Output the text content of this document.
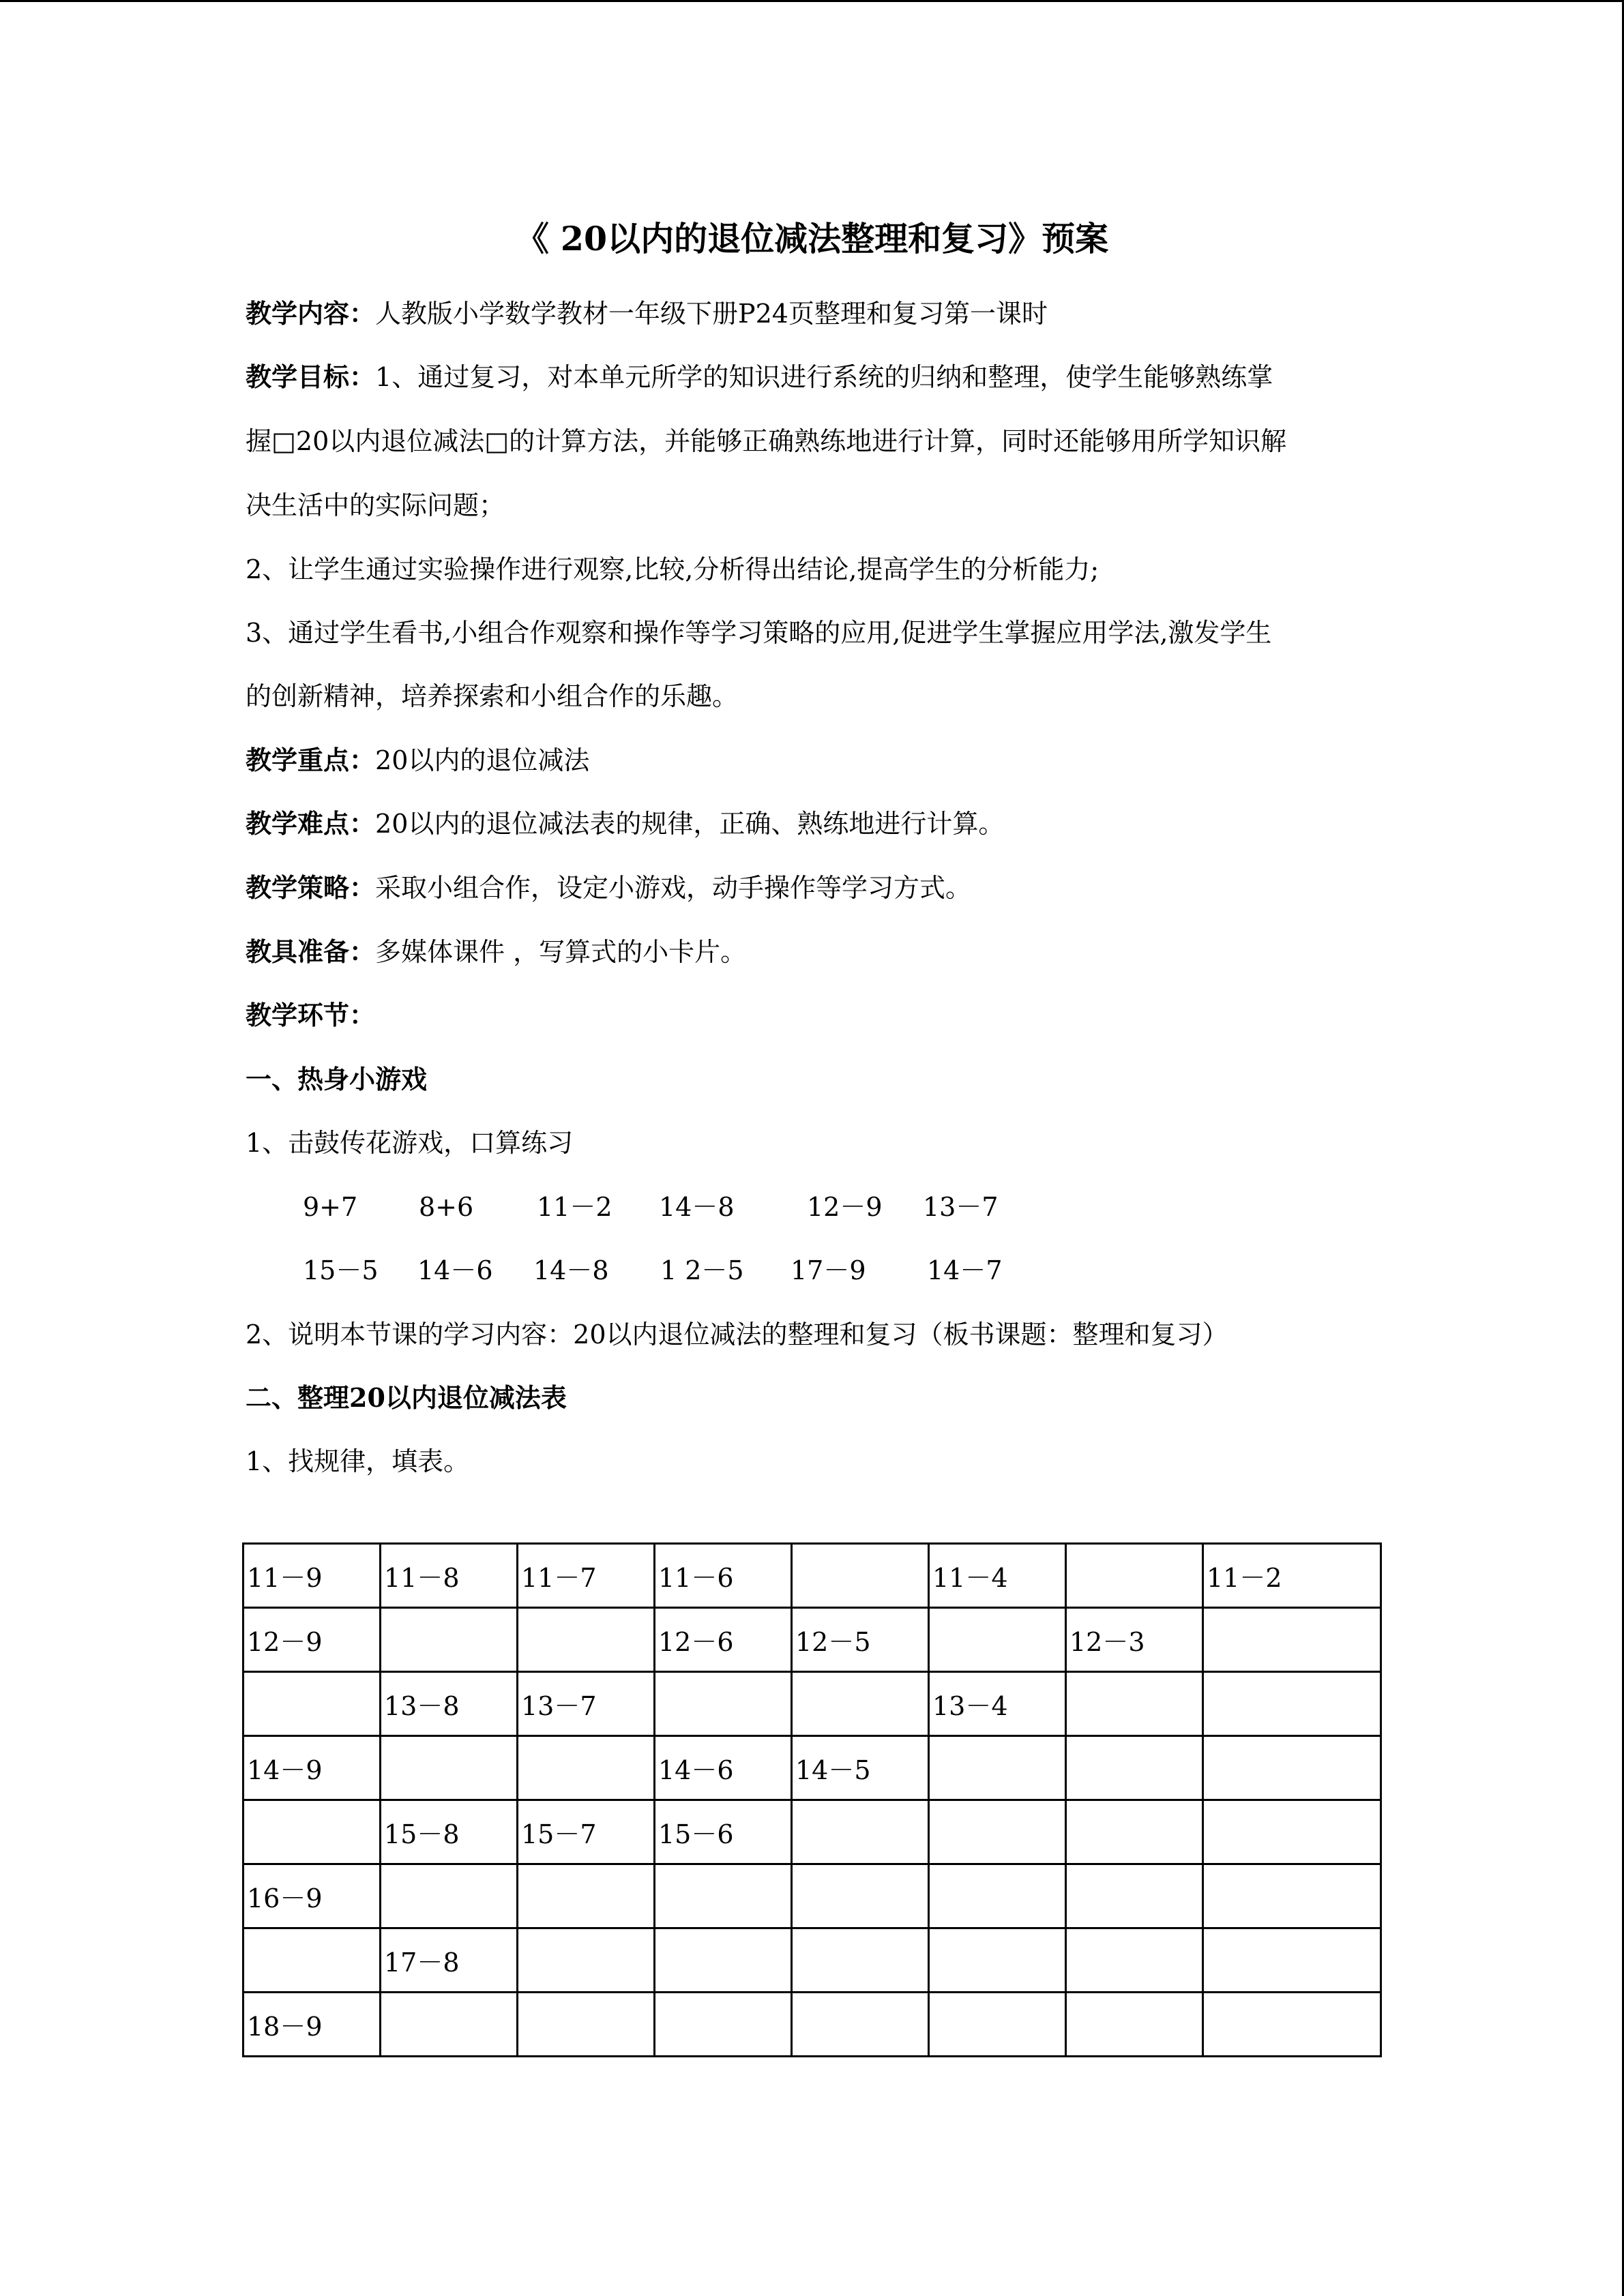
《 20以内的退位减法整理和复习》预案
教学内容：人教版小学数学教材一年级下册P24页整理和复习第一课时
教学目标：1、通过复习，对本单元所学的知识进行系统的归纳和整理，使学生能够熟练掌
握□20以内退位减法□的计算方法，并能够正确熟练地进行计算，同时还能够用所学知识解
决生活中的实际问题；
2、让学生通过实验操作进行观察,比较,分析得出结论,提高学生的分析能力;
3、通过学生看书,小组合作观察和操作等学习策略的应用,促进学生掌握应用学法,激发学生
的创新精神，培养探索和小组合作的乐趣。
教学重点：20以内的退位减法
教学难点：20以内的退位减法表的规律，正确、熟练地进行计算。
教学策略：采取小组合作，设定小游戏，动手操作等学习方式。
教具准备：多媒体课件 ，写算式的小卡片。
教学环节：
一、热身小游戏
1、击鼓传花游戏，口算练习
9+7 8+6 11－2 14－8	12－9 13－7
15－5 14－6 14－8 1 2－5 17－9 14－7
2、说明本节课的学习内容：20以内退位减法的整理和复习（板书课题：整理和复习）
二、整理20以内退位减法表
1、找规律，填表。
11－9	11－8	11－7	11－6		11－4		11－2
12－9			12－6	12－5		12－3	
	13－8	13－7			13－4		
14－9			14－6	14－5			
	15－8	15－7	15－6				
16－9							
	17－8						
18－9							
